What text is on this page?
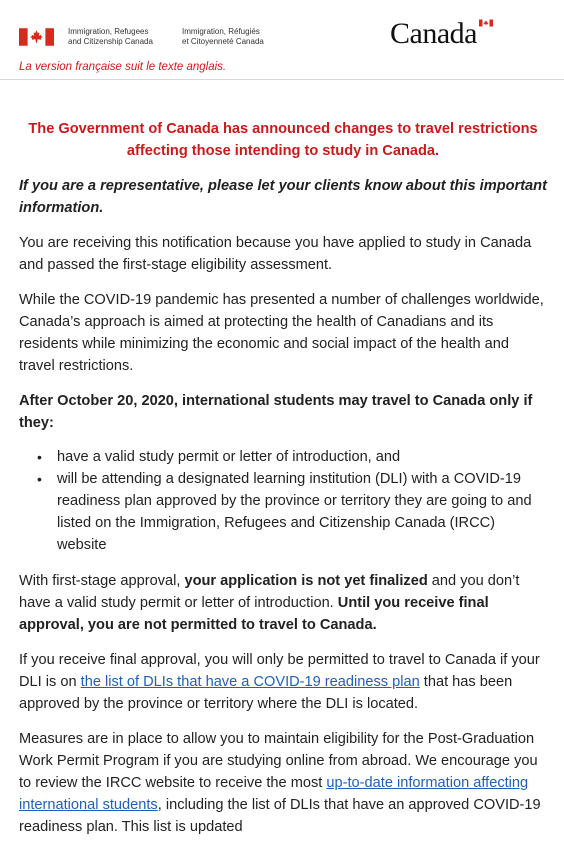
Immigration, Refugees
and Citizenship Canada
Immigration, Réfugiés
et Citoyenneté Canada	Canada
La version française suit le texte anglais.
The Government of Canada has announced changes to travel restrictions affecting those intending to study in Canada.
If you are a representative, please let your clients know about this important information.

You are receiving this notification because you have applied to study in Canada and passed the first-stage eligibility assessment.

While the COVID-19 pandemic has presented a number of challenges worldwide, Canada’s approach is aimed at protecting the health of Canadians and its residents while minimizing the economic and social impact of the health and travel restrictions.

After October 20, 2020, international students may travel to Canada only if they:
• have a valid study permit or letter of introduction, and
• will be attending a designated learning institution (DLI) with a COVID-19 readiness plan approved by the province or territory they are going to and listed on the Immigration, Refugees and Citizenship Canada (IRCC) website

With first-stage approval, your application is not yet finalized and you don’t have a valid study permit or letter of introduction. Until you receive final approval, you are not permitted to travel to Canada.

If you receive final approval, you will only be permitted to travel to Canada if your DLI is on the list of DLIs that have a COVID-19 readiness plan that has been approved by the province or territory where the DLI is located.

Measures are in place to allow you to maintain eligibility for the Post-Graduation Work Permit Program if you are studying online from abroad. We encourage you to review the IRCC website to receive the most up-to-date information affecting international students, including the list of DLIs that have an approved COVID-19 readiness plan. This list is updated
